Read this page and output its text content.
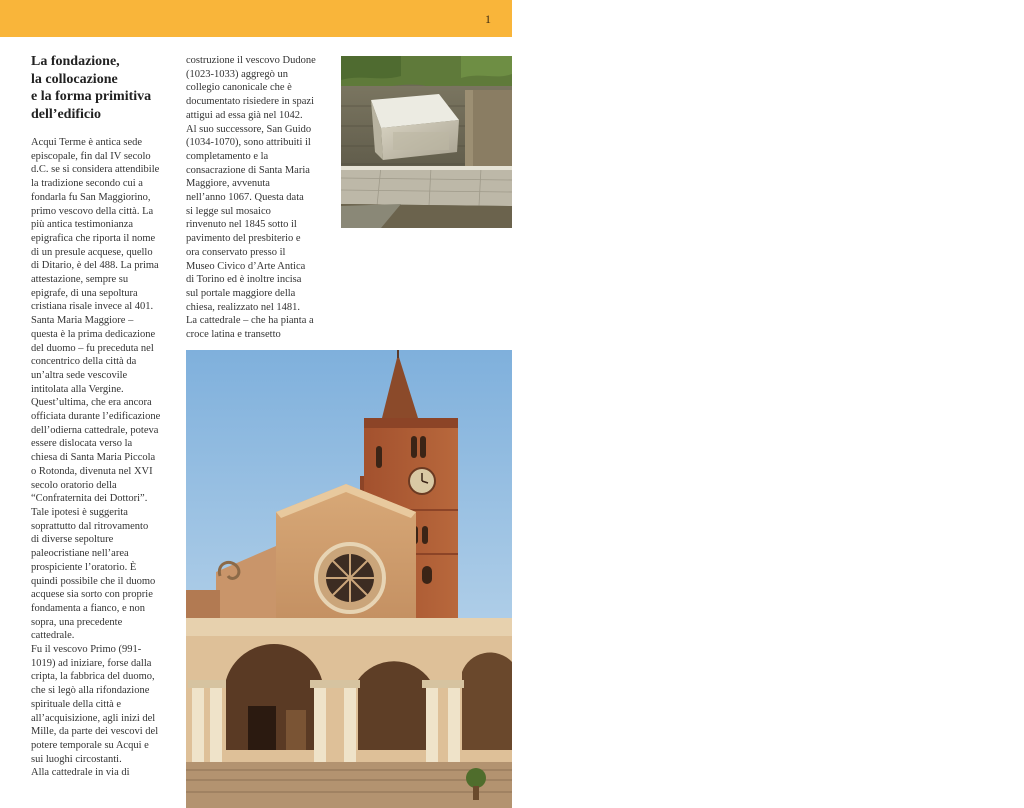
1
La fondazione,
la collocazione
e la forma primitiva
dell’edificio
Acqui Terme è antica sede
episcopale, fin dal IV secolo
d.C. se si considera attendibile
la tradizione secondo cui a
fondarla fu San Maggiorino,
primo vescovo della città. La
più antica testimonianza
epigrafica che riporta il nome
di un presule acquese, quello
di Ditario, è del 488. La prima
attestazione, sempre su
epigrafe, di una sepoltura
cristiana risale invece al 401.
Santa Maria Maggiore –
questa è la prima dedicazione
del duomo – fu preceduta nel
concentrico della città da
un’altra sede vescovile
intitolata alla Vergine.
Quest’ultima, che era ancora
officiata durante l’edificazione
dell’odierna cattedrale, poteva
essere dislocata verso la
chiesa di Santa Maria Piccola
o Rotonda, divenuta nel XVI
secolo oratorio della
“Confraternita dei Dottori”.
Tale ipotesi è suggerita
soprattutto dal ritrovamento
di diverse sepolture
paleocristiane nell’area
prospiciente l’oratorio. È
quindi possibile che il duomo
acquese sia sorto con proprie
fondamenta a fianco, e non
sopra, una precedente
cattedrale.
Fu il vescovo Primo (991-
1019) ad iniziare, forse dalla
cripta, la fabbrica del duomo,
che si legò alla rifondazione
spirituale della città e
all’acquisizione, agli inizi del
Mille, da parte dei vescovi del
potere temporale su Acqui e
sui luoghi circostanti.
Alla cattedrale in via di
costruzione il vescovo Dudone
(1023-1033) aggregò un
collegio canonicale che è
documentato risiedere in spazi
attigui ad essa già nel 1042.
Al suo successore, San Guido
(1034-1070), sono attribuiti il
completamento e la
consacrazione di Santa Maria
Maggiore, avvenuta
nell’anno 1067. Questa data
si legge sul mosaico
rinvenuto nel 1845 sotto il
pavimento del presbiterio e
ora conservato presso il
Museo Civico d’Arte Antica
di Torino ed è inoltre incisa
sul portale maggiore della
chiesa, realizzato nel 1481.
La cattedrale – che ha pianta a
croce latina e transetto
